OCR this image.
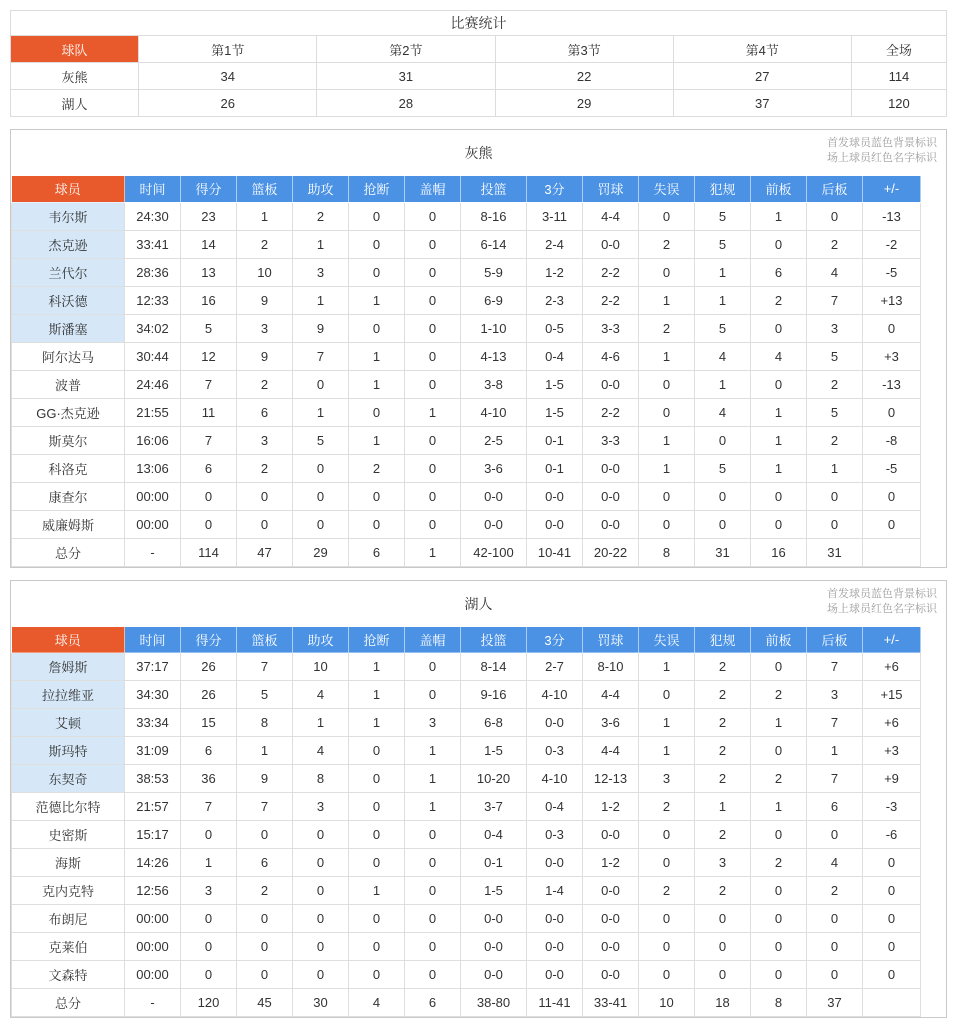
比赛统计					
球队	第1节	第2节	第3节	第4节	全场
灰熊	34	31	22	27	114
湖人	26	28	29	37	120
灰熊
首发球员蓝色背景标识
场上球员红色名字标识
球员	时间	得分	篮板	助攻	抢断	盖帽	投篮	3分	罚球	失误	犯规	前板	后板	+/-
韦尔斯	24:30	23	1	2	0	0	8-16	3-11	4-4	0	5	1	0	-13
杰克逊	33:41	14	2	1	0	0	6-14	2-4	0-0	2	5	0	2	-2
兰代尔	28:36	13	10	3	0	0	5-9	1-2	2-2	0	1	6	4	-5
科沃德	12:33	16	9	1	1	0	6-9	2-3	2-2	1	1	2	7	+13
斯潘塞	34:02	5	3	9	0	0	1-10	0-5	3-3	2	5	0	3	0
阿尔达马	30:44	12	9	7	1	0	4-13	0-4	4-6	1	4	4	5	+3
波普	24:46	7	2	0	1	0	3-8	1-5	0-0	0	1	0	2	-13
GG·杰克逊	21:55	11	6	1	0	1	4-10	1-5	2-2	0	4	1	5	0
斯莫尔	16:06	7	3	5	1	0	2-5	0-1	3-3	1	0	1	2	-8
科洛克	13:06	6	2	0	2	0	3-6	0-1	0-0	1	5	1	1	-5
康查尔	00:00	0	0	0	0	0	0-0	0-0	0-0	0	0	0	0	0
威廉姆斯	00:00	0	0	0	0	0	0-0	0-0	0-0	0	0	0	0	0
总分	-	114	47	29	6	1	42-100	10-41	20-22	8	31	16	31	
湖人
首发球员蓝色背景标识
场上球员红色名字标识
球员	时间	得分	篮板	助攻	抢断	盖帽	投篮	3分	罚球	失误	犯规	前板	后板	+/-
詹姆斯	37:17	26	7	10	1	0	8-14	2-7	8-10	1	2	0	7	+6
拉拉维亚	34:30	26	5	4	1	0	9-16	4-10	4-4	0	2	2	3	+15
艾顿	33:34	15	8	1	1	3	6-8	0-0	3-6	1	2	1	7	+6
斯玛特	31:09	6	1	4	0	1	1-5	0-3	4-4	1	2	0	1	+3
东契奇	38:53	36	9	8	0	1	10-20	4-10	12-13	3	2	2	7	+9
范德比尔特	21:57	7	7	3	0	1	3-7	0-4	1-2	2	1	1	6	-3
史密斯	15:17	0	0	0	0	0	0-4	0-3	0-0	0	2	0	0	-6
海斯	14:26	1	6	0	0	0	0-1	0-0	1-2	0	3	2	4	0
克内克特	12:56	3	2	0	1	0	1-5	1-4	0-0	2	2	0	2	0
布朗尼	00:00	0	0	0	0	0	0-0	0-0	0-0	0	0	0	0	0
克莱伯	00:00	0	0	0	0	0	0-0	0-0	0-0	0	0	0	0	0
文森特	00:00	0	0	0	0	0	0-0	0-0	0-0	0	0	0	0	0
总分	-	120	45	30	4	6	38-80	11-41	33-41	10	18	8	37	
